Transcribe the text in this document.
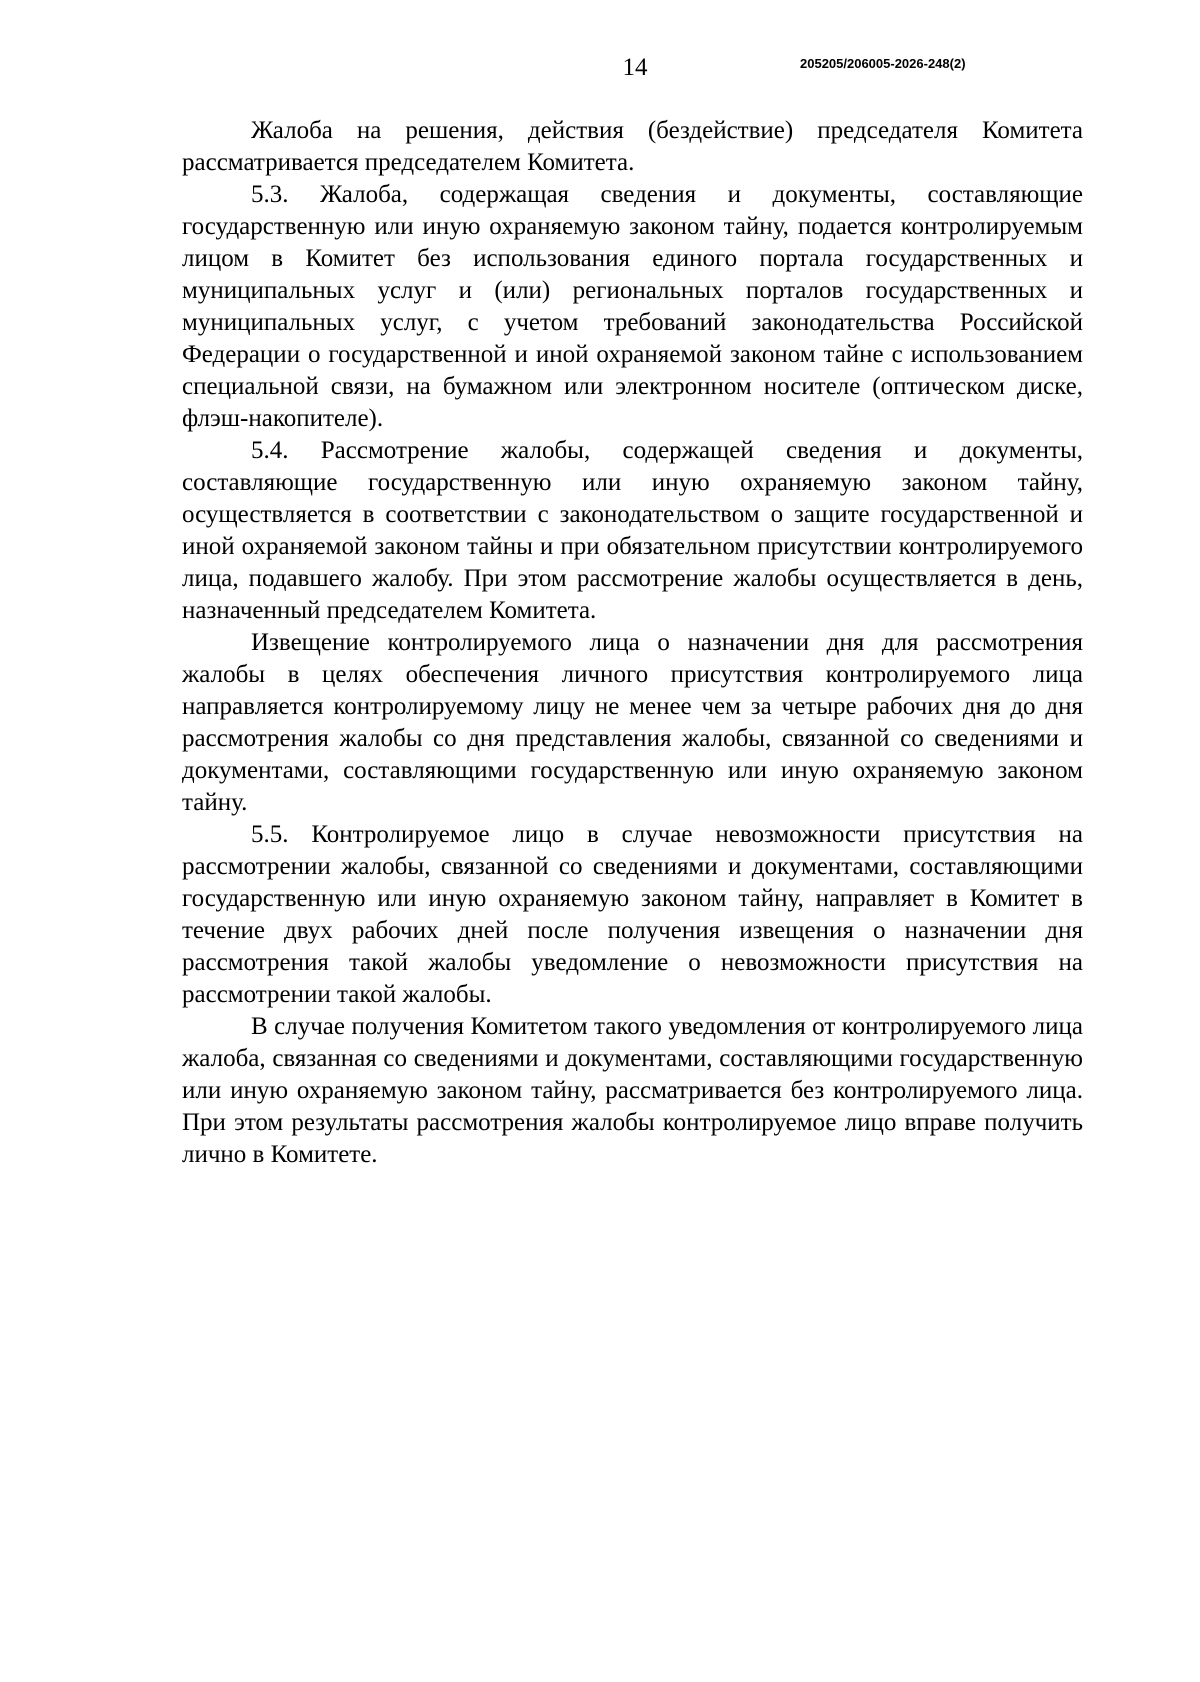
14	205205/206005-2026-248(2)

Жалоба на решения, действия (бездействие) председателя Комитета рассматривается председателем Комитета.

5.3. Жалоба, содержащая сведения и документы, составляющие государственную или иную охраняемую законом тайну, подается контролируемым лицом в Комитет без использования единого портала государственных и муниципальных услуг и (или) региональных порталов государственных и муниципальных услуг, с учетом требований законодательства Российской Федерации о государственной и иной охраняемой законом тайне с использованием специальной связи, на бумажном или электронном носителе (оптическом диске, флэш-накопителе).

5.4. Рассмотрение жалобы, содержащей сведения и документы, составляющие государственную или иную охраняемую законом тайну, осуществляется в соответствии с законодательством о защите государственной и иной охраняемой законом тайны и при обязательном присутствии контролируемого лица, подавшего жалобу. При этом рассмотрение жалобы осуществляется в день, назначенный председателем Комитета.

Извещение контролируемого лица о назначении дня для рассмотрения жалобы в целях обеспечения личного присутствия контролируемого лица направляется контролируемому лицу не менее чем за четыре рабочих дня до дня рассмотрения жалобы со дня представления жалобы, связанной со сведениями и документами, составляющими государственную или иную охраняемую законом тайну.

5.5. Контролируемое лицо в случае невозможности присутствия на рассмотрении жалобы, связанной со сведениями и документами, составляющими государственную или иную охраняемую законом тайну, направляет в Комитет в течение двух рабочих дней после получения извещения о назначении дня рассмотрения такой жалобы уведомление о невозможности присутствия на рассмотрении такой жалобы.

В случае получения Комитетом такого уведомления от контролируемого лица жалоба, связанная со сведениями и документами, составляющими государственную или иную охраняемую законом тайну, рассматривается без контролируемого лица. При этом результаты рассмотрения жалобы контролируемое лицо вправе получить лично в Комитете.
